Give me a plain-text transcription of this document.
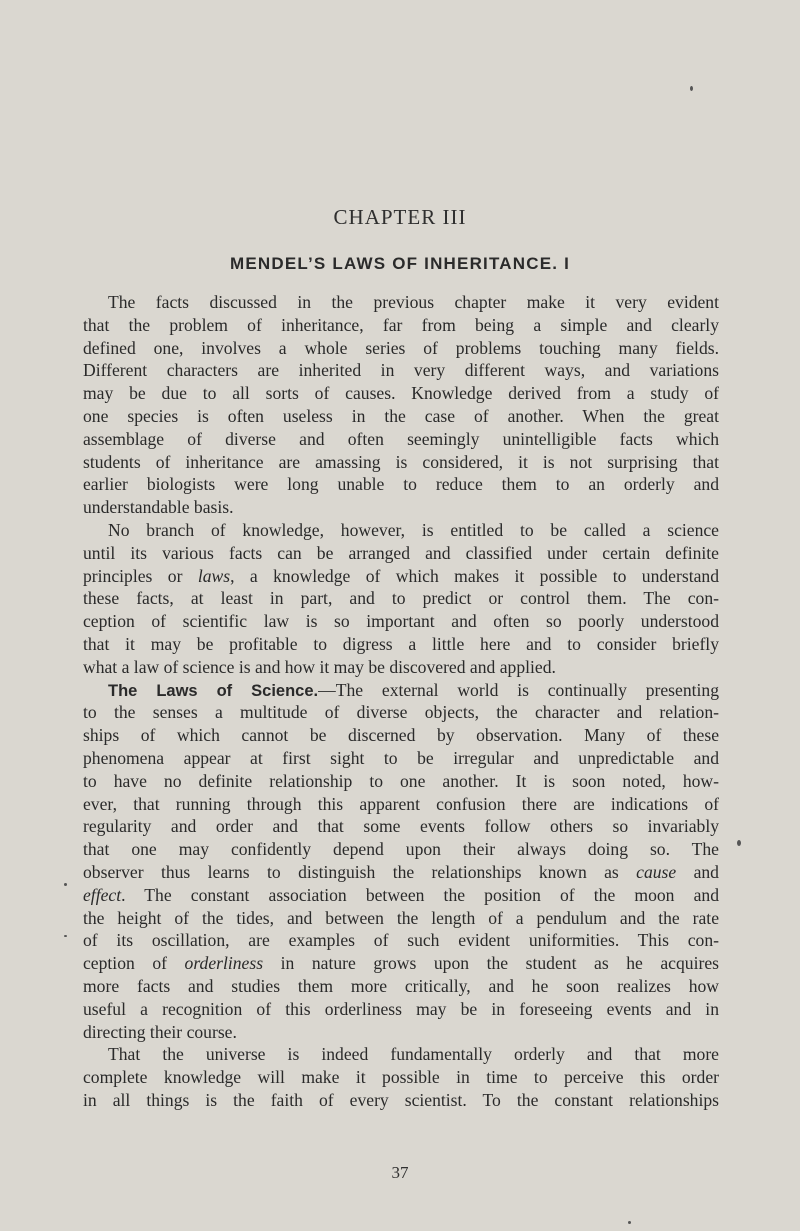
CHAPTER III
MENDEL’S LAWS OF INHERITANCE. I
The facts discussed in the previous chapter make it very evident
that the problem of inheritance, far from being a simple and clearly
defined one, involves a whole series of problems touching many fields.
Different characters are inherited in very different ways, and variations
may be due to all sorts of causes. Knowledge derived from a study of
one species is often useless in the case of another. When the great
assemblage of diverse and often seemingly unintelligible facts which
students of inheritance are amassing is considered, it is not surprising that
earlier biologists were long unable to reduce them to an orderly and
understandable basis.
No branch of knowledge, however, is entitled to be called a science
until its various facts can be arranged and classified under certain definite
principles or laws, a knowledge of which makes it possible to understand
these facts, at least in part, and to predict or control them. The con-
ception of scientific law is so important and often so poorly understood
that it may be profitable to digress a little here and to consider briefly
what a law of science is and how it may be discovered and applied.
The Laws of Science.—The external world is continually presenting
to the senses a multitude of diverse objects, the character and relation-
ships of which cannot be discerned by observation. Many of these
phenomena appear at first sight to be irregular and unpredictable and
to have no definite relationship to one another. It is soon noted, how-
ever, that running through this apparent confusion there are indications of
regularity and order and that some events follow others so invariably
that one may confidently depend upon their always doing so. The
observer thus learns to distinguish the relationships known as cause and
effect. The constant association between the position of the moon and
the height of the tides, and between the length of a pendulum and the rate
of its oscillation, are examples of such evident uniformities. This con-
ception of orderliness in nature grows upon the student as he acquires
more facts and studies them more critically, and he soon realizes how
useful a recognition of this orderliness may be in foreseeing events and in
directing their course.
That the universe is indeed fundamentally orderly and that more
complete knowledge will make it possible in time to perceive this order
in all things is the faith of every scientist. To the constant relationships
37
